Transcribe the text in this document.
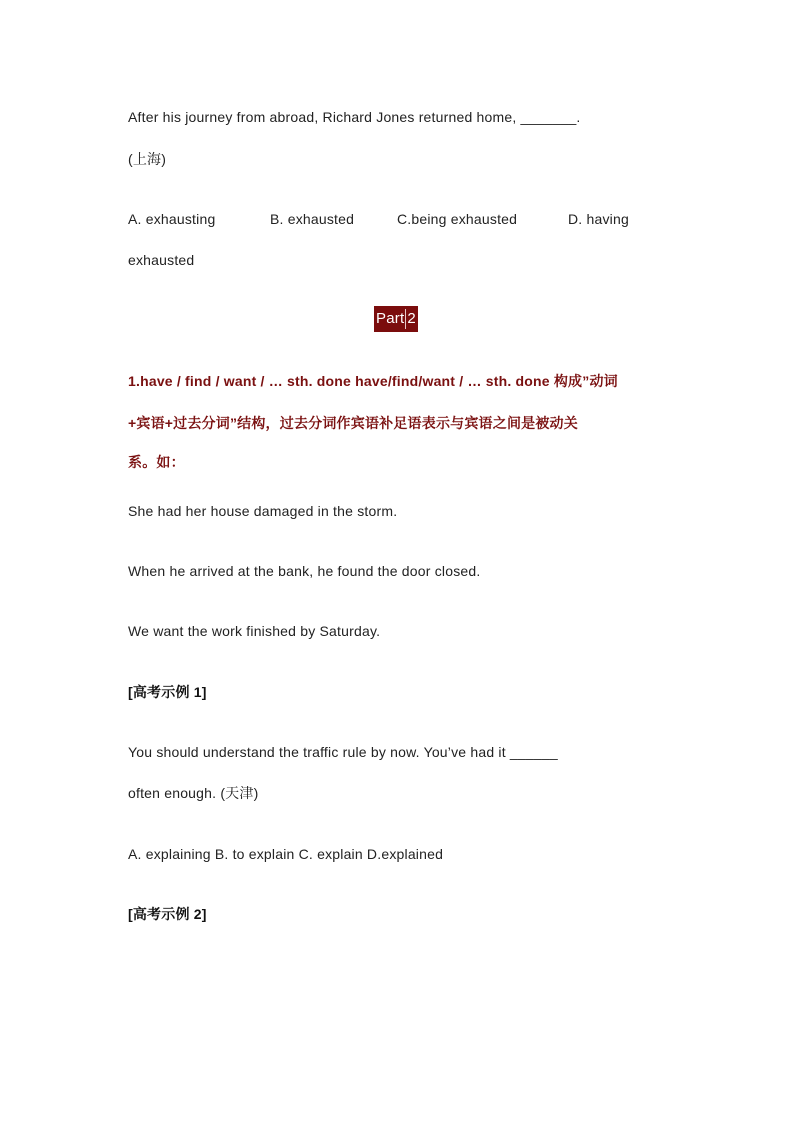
After his journey from abroad, Richard Jones returned home, _______.
(上海)
A. exhausting	B. exhausted	C.being exhausted	D. having
exhausted
Part 2
1.have / find / want / … sth. done have/find/want / … sth. done 构成”动词
+宾语+过去分词”结构，过去分词作宾语补足语表示与宾语之间是被动关
系。如：
She had her house damaged in the storm.
When he arrived at the bank, he found the door closed.
We want the work finished by Saturday.
[高考示例 1]
You should understand the traffic rule by now. You’ve had it ______
often enough. (天津)
A. explaining B. to explain C. explain D.explained
[高考示例 2]
